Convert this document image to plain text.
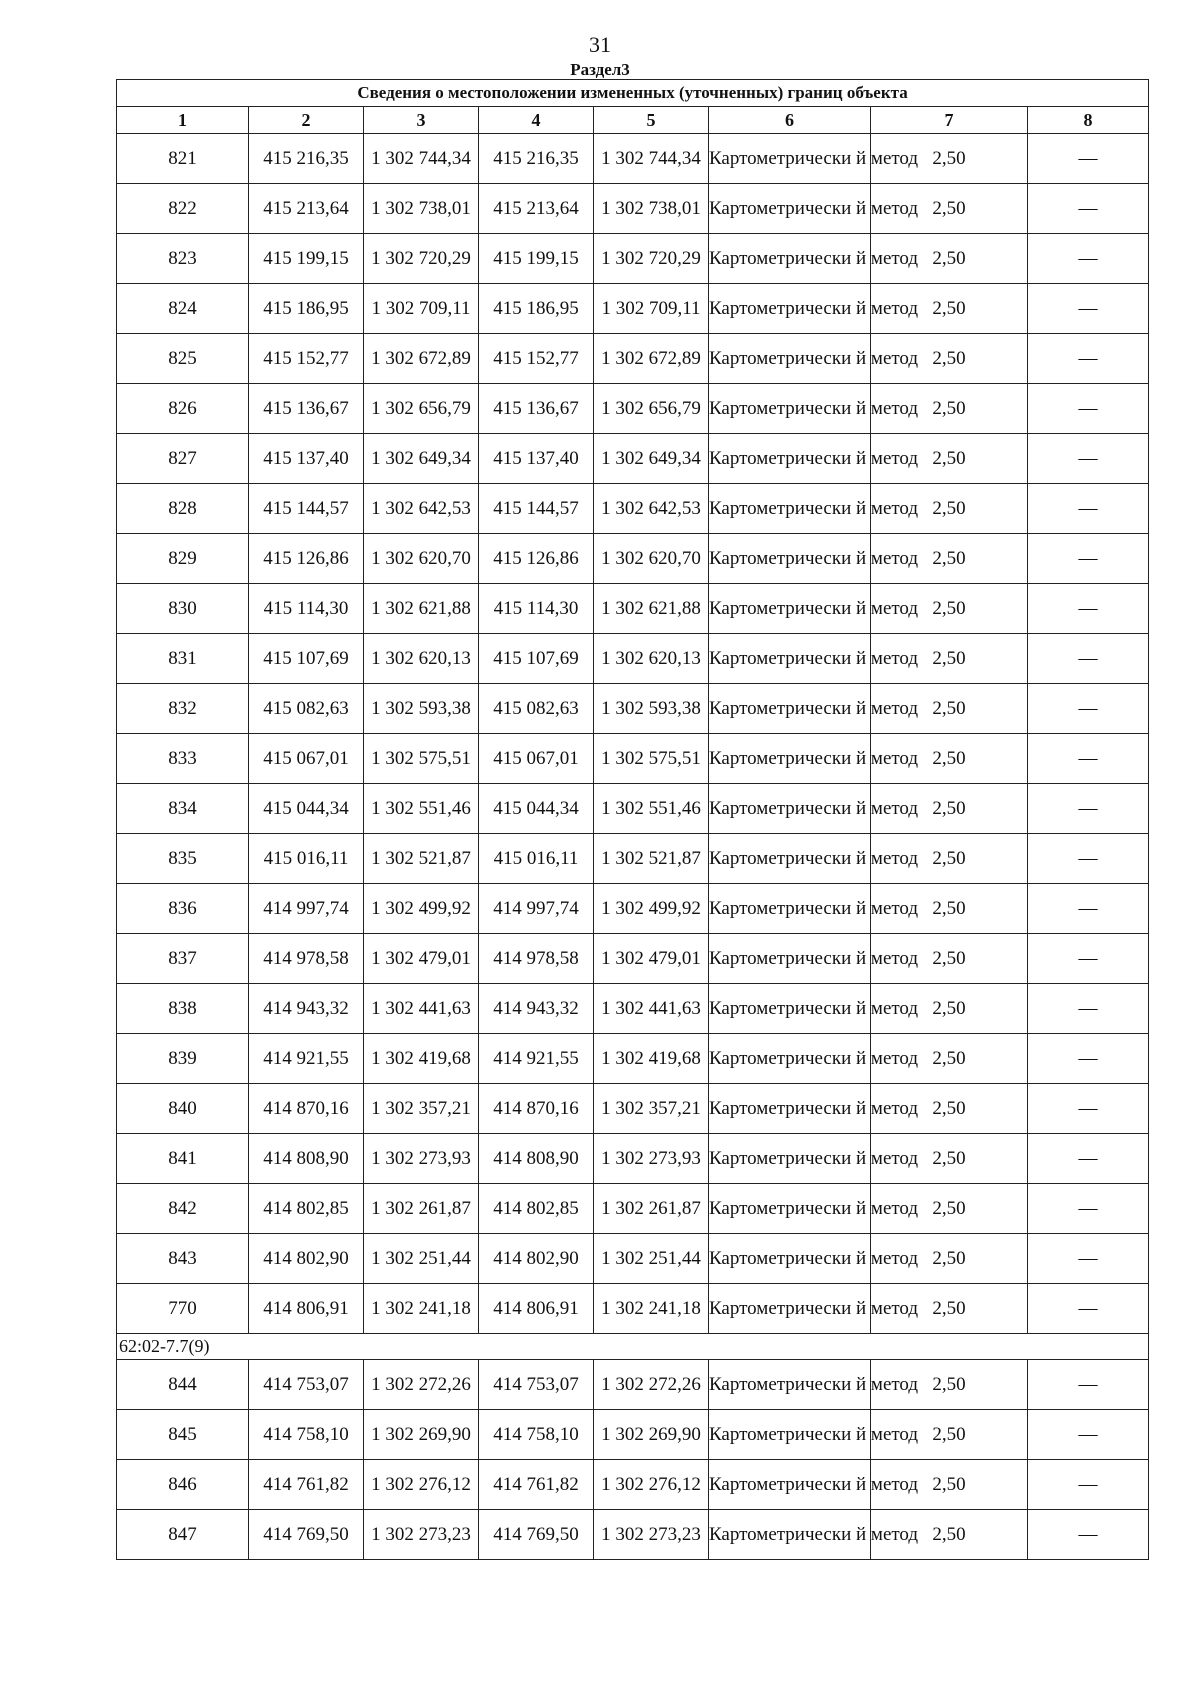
31
Раздел3
Сведения о местоположении измененных (уточненных) границ объекта							
1	2	3	4	5	6	7	8
821	415 216,35	1 302 744,34	415 216,35	1 302 744,34	Картометрически й метод	2,50	—
822	415 213,64	1 302 738,01	415 213,64	1 302 738,01	Картометрически й метод	2,50	—
823	415 199,15	1 302 720,29	415 199,15	1 302 720,29	Картометрически й метод	2,50	—
824	415 186,95	1 302 709,11	415 186,95	1 302 709,11	Картометрически й метод	2,50	—
825	415 152,77	1 302 672,89	415 152,77	1 302 672,89	Картометрически й метод	2,50	—
826	415 136,67	1 302 656,79	415 136,67	1 302 656,79	Картометрически й метод	2,50	—
827	415 137,40	1 302 649,34	415 137,40	1 302 649,34	Картометрически й метод	2,50	—
828	415 144,57	1 302 642,53	415 144,57	1 302 642,53	Картометрически й метод	2,50	—
829	415 126,86	1 302 620,70	415 126,86	1 302 620,70	Картометрически й метод	2,50	—
830	415 114,30	1 302 621,88	415 114,30	1 302 621,88	Картометрически й метод	2,50	—
831	415 107,69	1 302 620,13	415 107,69	1 302 620,13	Картометрически й метод	2,50	—
832	415 082,63	1 302 593,38	415 082,63	1 302 593,38	Картометрически й метод	2,50	—
833	415 067,01	1 302 575,51	415 067,01	1 302 575,51	Картометрически й метод	2,50	—
834	415 044,34	1 302 551,46	415 044,34	1 302 551,46	Картометрически й метод	2,50	—
835	415 016,11	1 302 521,87	415 016,11	1 302 521,87	Картометрически й метод	2,50	—
836	414 997,74	1 302 499,92	414 997,74	1 302 499,92	Картометрически й метод	2,50	—
837	414 978,58	1 302 479,01	414 978,58	1 302 479,01	Картометрически й метод	2,50	—
838	414 943,32	1 302 441,63	414 943,32	1 302 441,63	Картометрически й метод	2,50	—
839	414 921,55	1 302 419,68	414 921,55	1 302 419,68	Картометрически й метод	2,50	—
840	414 870,16	1 302 357,21	414 870,16	1 302 357,21	Картометрически й метод	2,50	—
841	414 808,90	1 302 273,93	414 808,90	1 302 273,93	Картометрически й метод	2,50	—
842	414 802,85	1 302 261,87	414 802,85	1 302 261,87	Картометрически й метод	2,50	—
843	414 802,90	1 302 251,44	414 802,90	1 302 251,44	Картометрически й метод	2,50	—
770	414 806,91	1 302 241,18	414 806,91	1 302 241,18	Картометрически й метод	2,50	—
62:02-7.7(9)							
844	414 753,07	1 302 272,26	414 753,07	1 302 272,26	Картометрически й метод	2,50	—
845	414 758,10	1 302 269,90	414 758,10	1 302 269,90	Картометрически й метод	2,50	—
846	414 761,82	1 302 276,12	414 761,82	1 302 276,12	Картометрически й метод	2,50	—
847	414 769,50	1 302 273,23	414 769,50	1 302 273,23	Картометрически й метод	2,50	—
